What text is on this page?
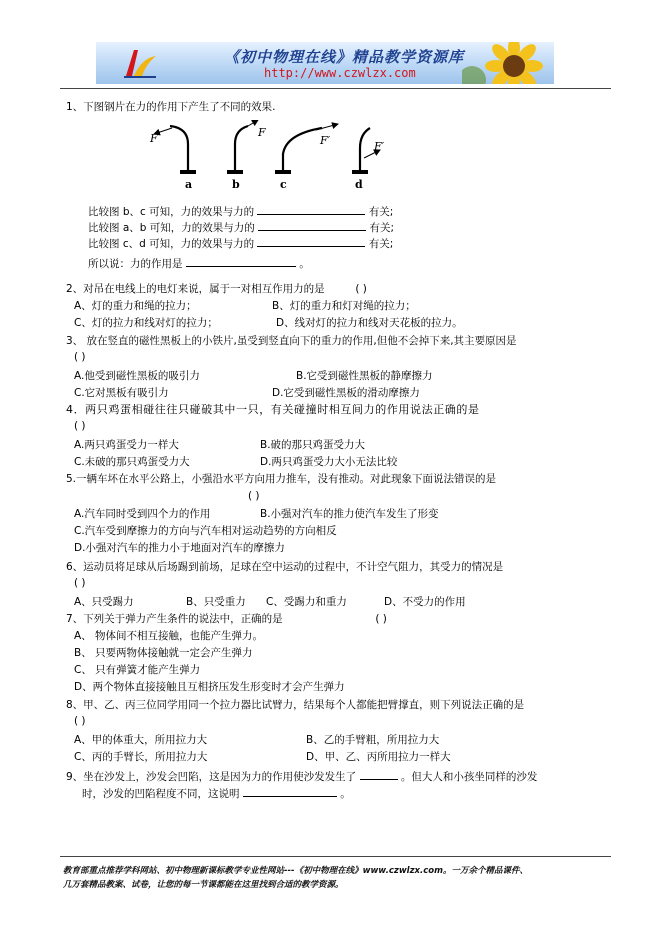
《初中物理在线》精品教学资源库
http://www.czwlzx.com
1、下图钢片在力的作用下产生了不同的效果.
F	F
F′	F′
a	b	c	d
比较图 b、c 可知，力的效果与力的	有关;
比较图 a、b 可知，力的效果与力的	有关;
比较图 c、d 可知，力的效果与力的	有关;
所以说：力的作用是	。
2、对吊在电线上的电灯来说，属于一对相互作用力的是	( )
A、灯的重力和绳的拉力；	B、灯的重力和灯对绳的拉力；
C、灯的拉力和线对灯的拉力；	D、线对灯的拉力和线对天花板的拉力。
3、 放在竖直的磁性黑板上的小铁片,虽受到竖直向下的重力的作用,但他不会掉下来,其主要原因是
( )
A.他受到磁性黑板的吸引力	B.它受到磁性黑板的静摩擦力
C.它对黑板有吸引力	D.它受到磁性黑板的滑动摩擦力
4．两只鸡蛋相碰往往只碰破其中一只，有关碰撞时相互间力的作用说法正确的是
( )
A.两只鸡蛋受力一样大	B.破的那只鸡蛋受力大
C.未破的那只鸡蛋受力大	D.两只鸡蛋受力大小无法比较
5.一辆车坏在水平公路上，小强沿水平方向用力推车，没有推动。对此现象下面说法错误的是
( )
A.汽车同时受到四个力的作用	B.小强对汽车的推力使汽车发生了形变
C.汽车受到摩擦力的方向与汽车相对运动趋势的方向相反
D.小强对汽车的推力小于地面对汽车的摩擦力
6、运动员将足球从后场踢到前场，足球在空中运动的过程中，不计空气阻力，其受力的情况是
( )
A、只受踢力	B、只受重力 C、受踢力和重力	D、不受力的作用
7、下列关于弹力产生条件的说法中，正确的是	( )
A、 物体间不相互接触，也能产生弹力。
B、 只要两物体接触就一定会产生弹力
C、 只有弹簧才能产生弹力
D、两个物体直接接触且互相挤压发生形变时才会产生弹力
8、甲、乙、丙三位同学用同一个拉力器比试臂力，结果每个人都能把臂撑直，则下列说法正确的是
( )
A、甲的体重大，所用拉力大	B、乙的手臂粗，所用拉力大
C、丙的手臂长，所用拉力大	D、甲、乙、丙所用拉力一样大
9、坐在沙发上，沙发会凹陷，这是因为力的作用使沙发发生了	。但大人和小孩坐同样的沙发
时，沙发的凹陷程度不同，这说明	。
教育部重点推荐学科网站、初中物理新课标教学专业性网站---《初中物理在线》www.czwlzx.com。一万余个精品课件、
几万套精品教案、试卷，让您的每一节课都能在这里找到合适的教学资源。
